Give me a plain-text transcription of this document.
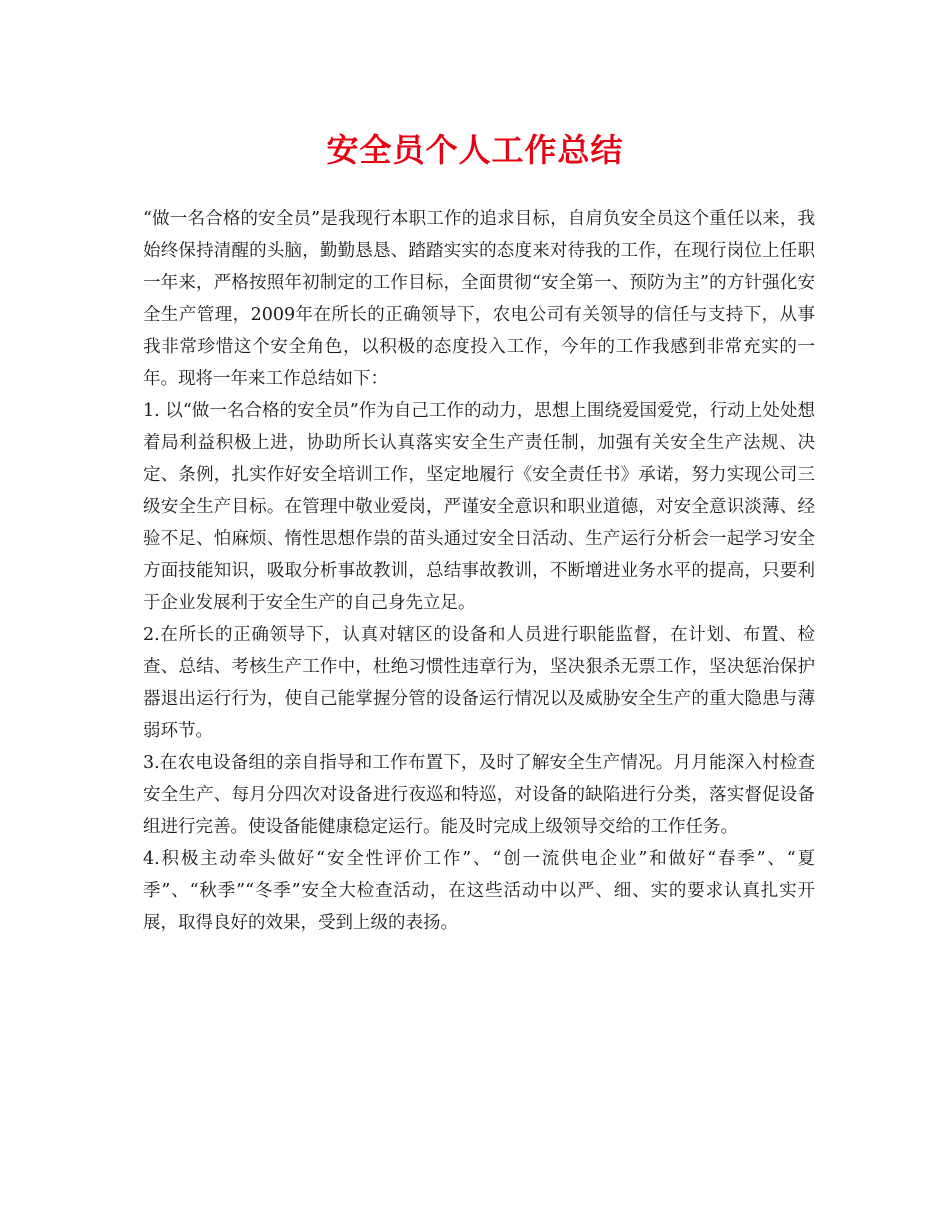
安全员个人工作总结

“做一名合格的安全员”是我现行本职工作的追求目标，自肩负安全员这个重任以来，我始终保持清醒的头脑，勤勤恳恳、踏踏实实的态度来对待我的工作，在现行岗位上任职一年来，严格按照年初制定的工作目标，全面贯彻“安全第一、预防为主”的方针强化安全生产管理，2009年在所长的正确领导下，农电公司有关领导的信任与支持下，从事我非常珍惜这个安全角色，以积极的态度投入工作，今年的工作我感到非常充实的一年。现将一年来工作总结如下：

1. 以“做一名合格的安全员”作为自己工作的动力，思想上围绕爱国爱党，行动上处处想着局利益积极上进，协助所长认真落实安全生产责任制，加强有关安全生产法规、决定、条例，扎实作好安全培训工作，坚定地履行《安全责任书》承诺，努力实现公司三级安全生产目标。在管理中敬业爱岗，严谨安全意识和职业道德，对安全意识淡薄、经验不足、怕麻烦、惰性思想作祟的苗头通过安全日活动、生产运行分析会一起学习安全方面技能知识，吸取分析事故教训，总结事故教训，不断增进业务水平的提高，只要利于企业发展利于安全生产的自己身先立足。

2.在所长的正确领导下，认真对辖区的设备和人员进行职能监督，在计划、布置、检查、总结、考核生产工作中，杜绝习惯性违章行为，坚决狠杀无票工作，坚决惩治保护器退出运行行为，使自己能掌握分管的设备运行情况以及威胁安全生产的重大隐患与薄弱环节。

3.在农电设备组的亲自指导和工作布置下，及时了解安全生产情况。月月能深入村检查安全生产、每月分四次对设备进行夜巡和特巡，对设备的缺陷进行分类，落实督促设备组进行完善。使设备能健康稳定运行。能及时完成上级领导交给的工作任务。

4.积极主动牵头做好“安全性评价工作”、“创一流供电企业”和做好“春季”、“夏季”、“秋季”“冬季”安全大检查活动，在这些活动中以严、细、实的要求认真扎实开展，取得良好的效果，受到上级的表扬。
